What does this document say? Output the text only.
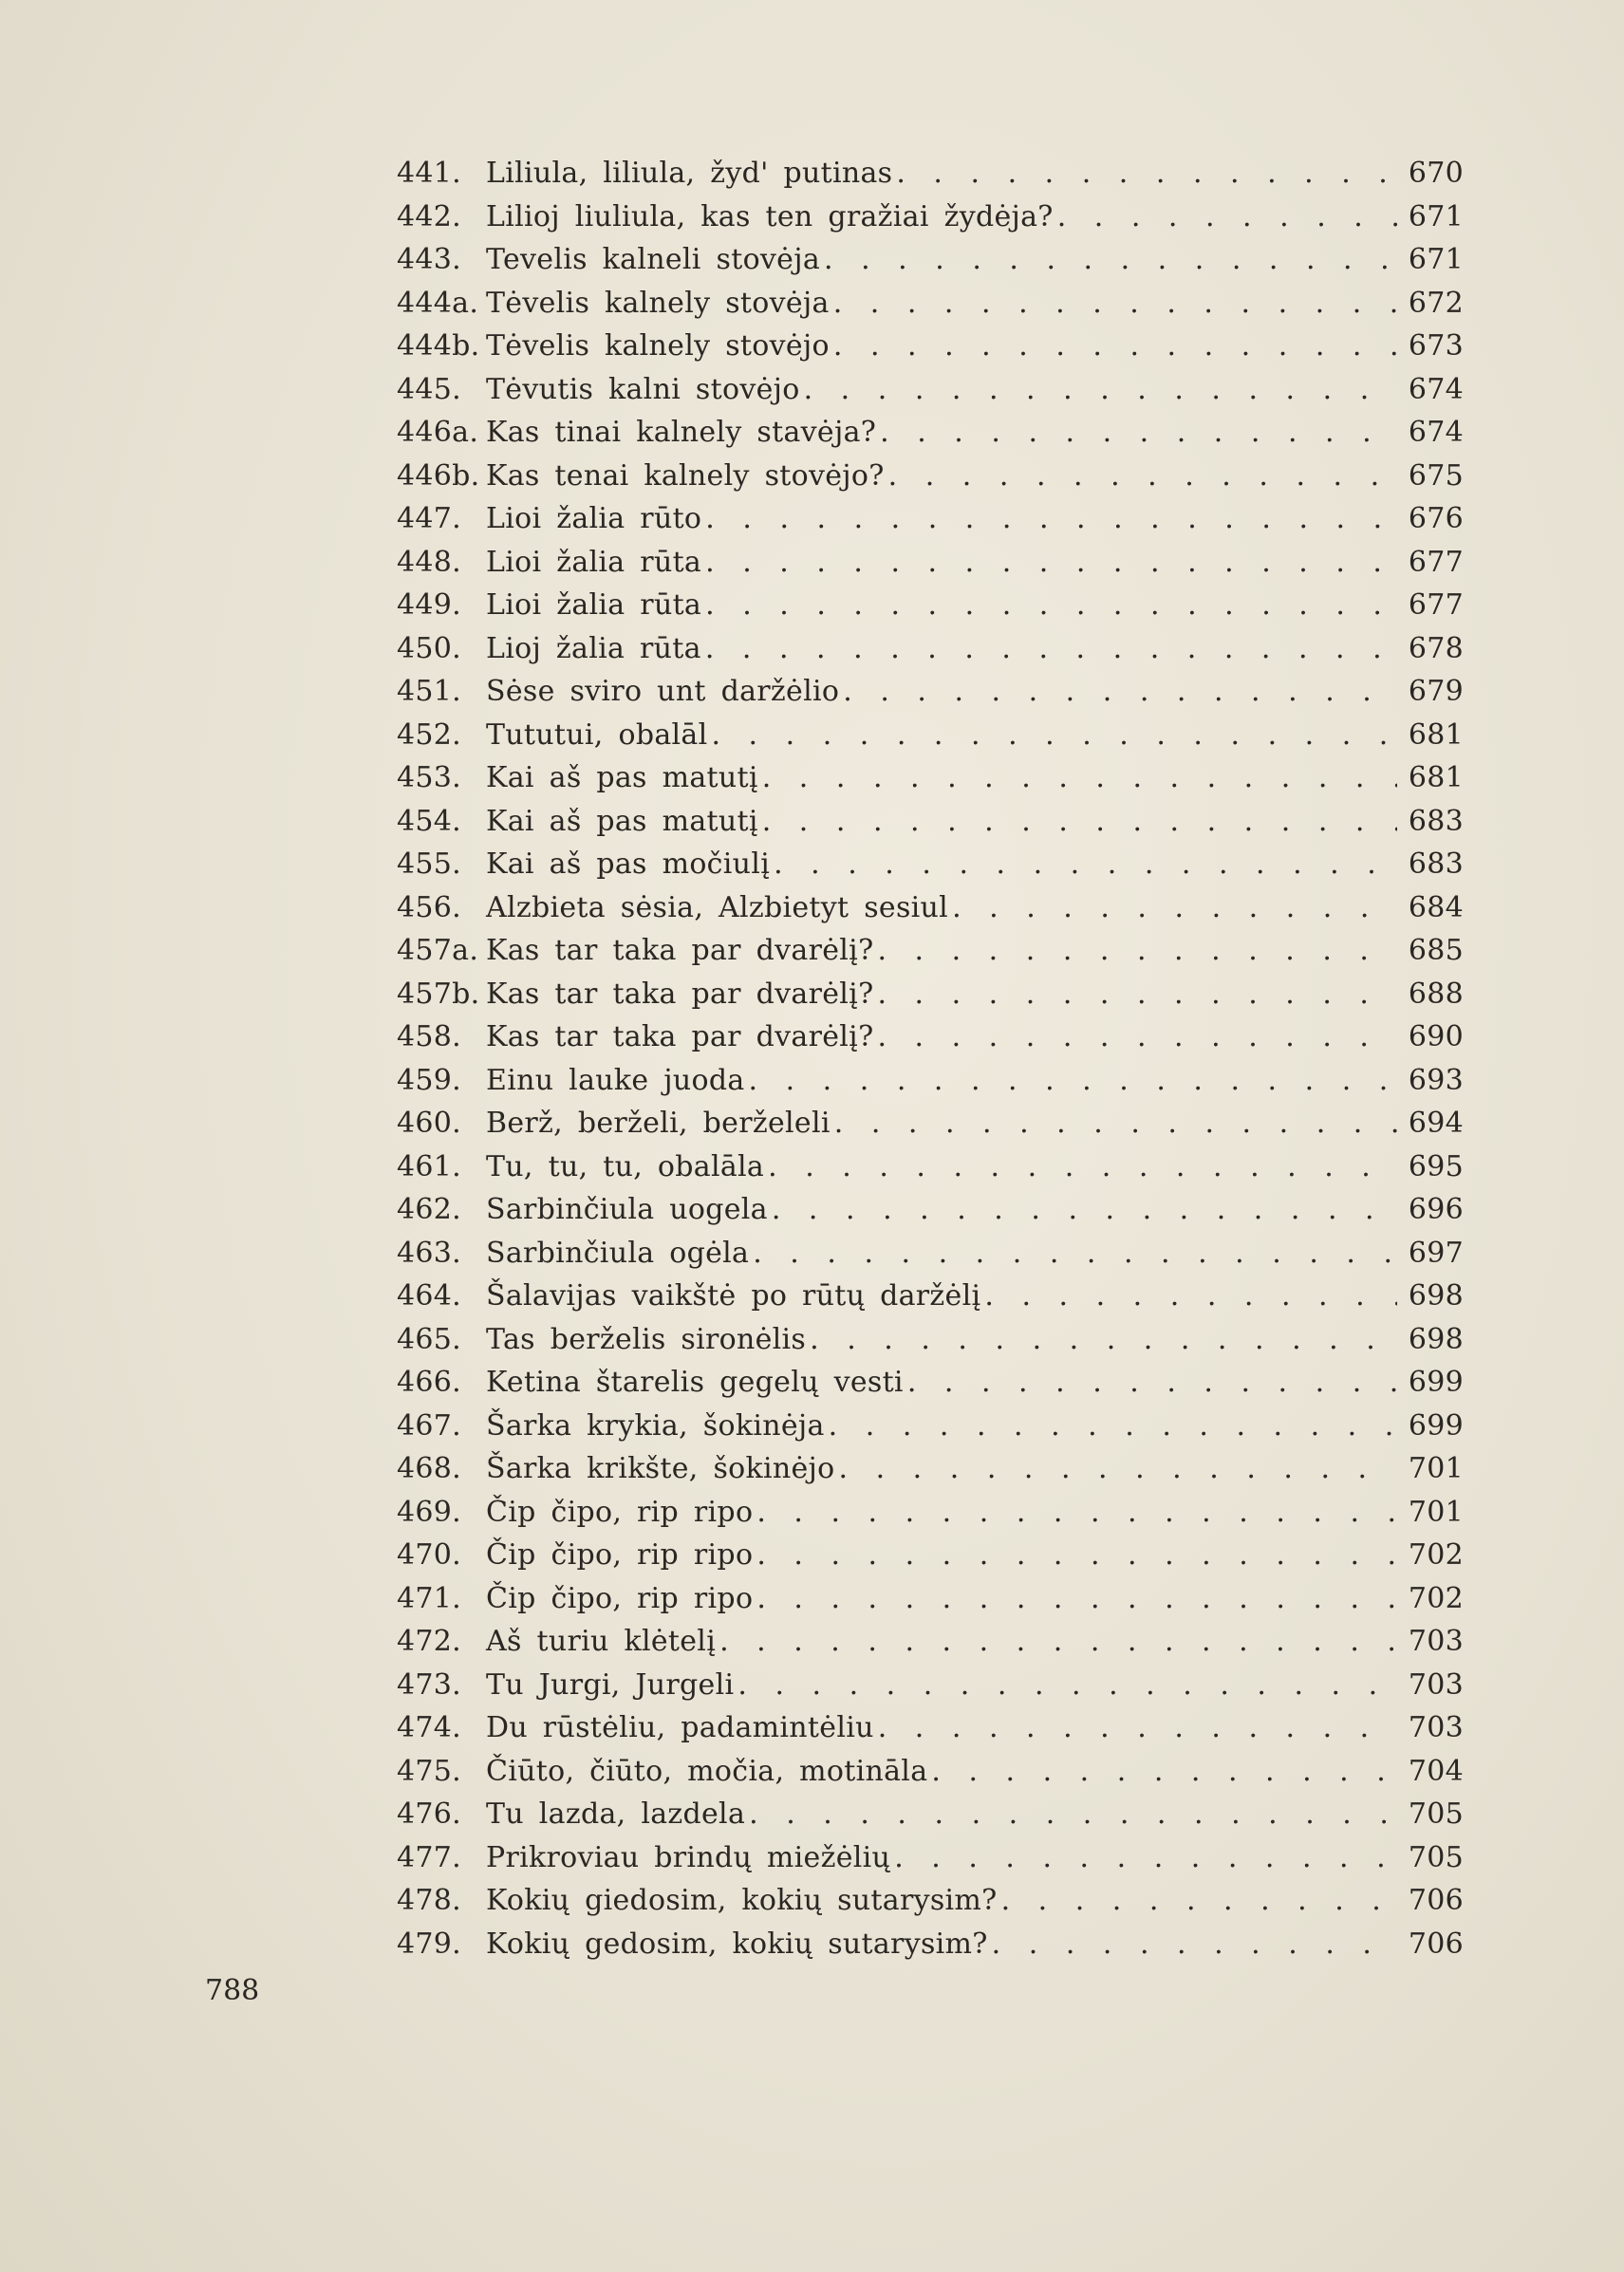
441. Liliula, liliula, žyd' putinas . . .	670
442. Lilioj liuliula, kas ten gražiai žydėja? . . .	671
443. Tevelis kalneli stovėja . . .	671
444a. Tėvelis kalnely stovėja . . .	672
444b. Tėvelis kalnely stovėjo . . .	673
445. Tėvutis kalni stovėjo . . .	674
446a. Kas tinai kalnely stavėja? . . .	674
446b. Kas tenai kalnely stovėjo? . . .	675
447. Lioi žalia rūto . . .	676
448. Lioi žalia rūta . . .	677
449. Lioi žalia rūta . . .	677
450. Lioj žalia rūta . . .	678
451. Sėse sviro unt daržėlio . . .	679
452. Tututui, obalāl . . .	681
453. Kai aš pas matutį . . .	681
454. Kai aš pas matutį . . .	683
455. Kai aš pas močiulį . . .	683
456. Alzbieta sėsia, Alzbietyt sesiul . . .	684
457a. Kas tar taka par dvarėlį? . . .	685
457b. Kas tar taka par dvarėlį? . . .	688
458. Kas tar taka par dvarėlį? . . .	690
459. Einu lauke juoda . . .	693
460. Berž, berželi, berželeli . . .	694
461. Tu, tu, tu, obalāla . . .	695
462. Sarbinčiula uogela . . .	696
463. Sarbinčiula ogėla . . .	697
464. Šalavijas vaikštė po rūtų daržėlį . . .	698
465. Tas berželis sironėlis . . .	698
466. Ketina štarelis gegelų vesti . . .	699
467. Šarka krykia, šokinėja . . .	699
468. Šarka krikšte, šokinėjo . . .	701
469. Čip čipo, rip ripo . . .	701
470. Čip čipo, rip ripo . . .	702
471. Čip čipo, rip ripo . . .	702
472. Aš turiu klėtelį . . .	703
473. Tu Jurgi, Jurgeli . . .	703
474. Du rūstėliu, padamintėliu . . .	703
475. Čiūto, čiūto, močia, motināla . . .	704
476. Tu lazda, lazdela . . .	705
477. Prikroviau brindų miežėlių . . .	705
478. Kokių giedosim, kokių sutarysim? . . .	706
479. Kokių gedosim, kokių sutarysim? . . .	706
788
